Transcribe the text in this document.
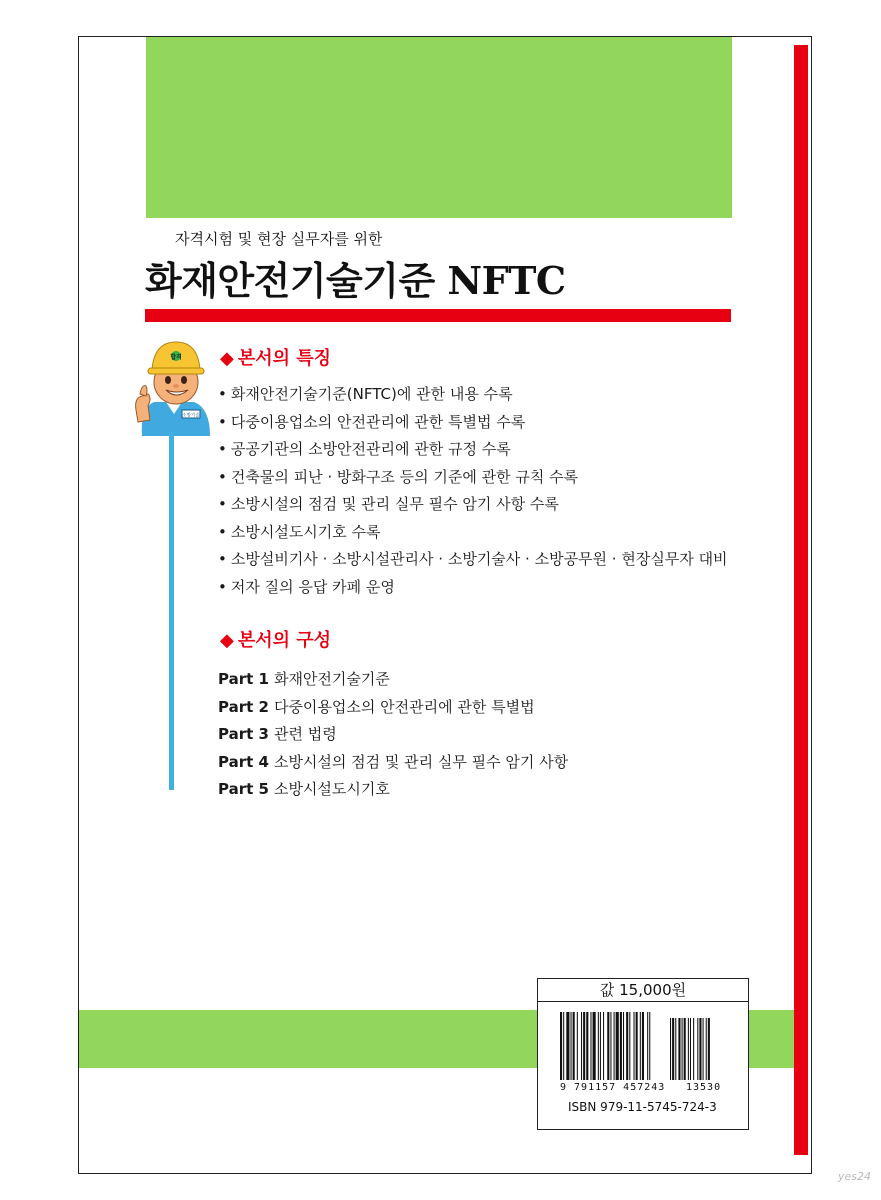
자격시험 및 현장 실무자를 위한
화재안전기술기준 NFTC
소방기술
합격 ◆ 본서의 특징
• 화재안전기술기준(NFTC)에 관한 내용 수록
• 다중이용업소의 안전관리에 관한 특별법 수록
• 공공기관의 소방안전관리에 관한 규정 수록
• 건축물의 피난 · 방화구조 등의 기준에 관한 규칙 수록
• 소방시설의 점검 및 관리 실무 필수 암기 사항 수록
• 소방시설도시기호 수록
• 소방설비기사 · 소방시설관리사 · 소방기술사 · 소방공무원 · 현장실무자 대비
• 저자 질의 응답 카페 운영
◆ 본서의 구성
Part 1 화재안전기술기준
Part 2 다중이용업소의 안전관리에 관한 특별법
Part 3 관련 법령
Part 4 소방시설의 점검 및 관리 실무 필수 암기 사항
Part 5 소방시설도시기호
값 15,000원
9 791157 457243 13530
ISBN 979-11-5745-724-3
yes24
